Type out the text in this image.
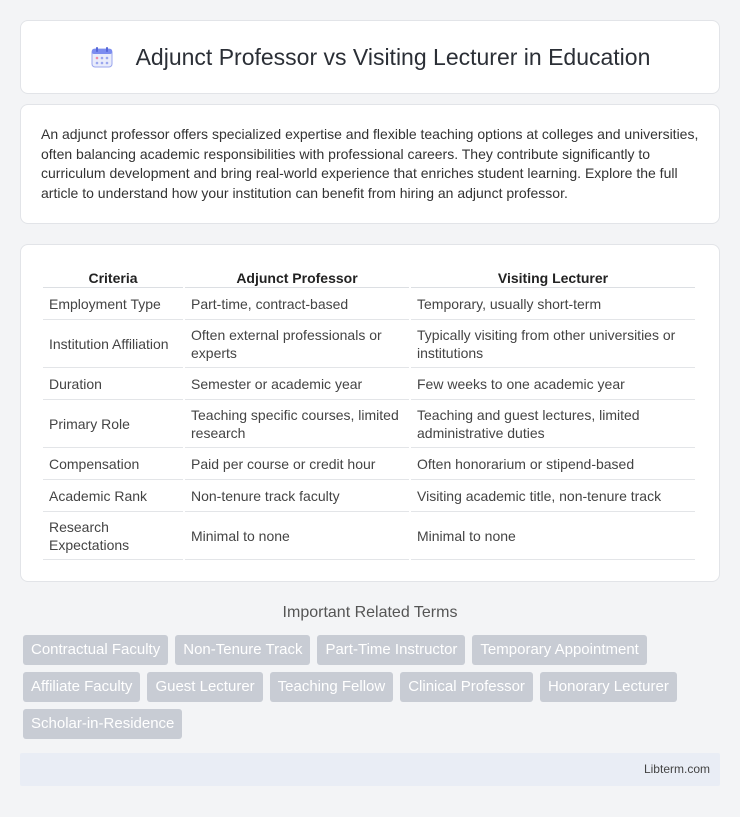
Adjunct Professor vs Visiting Lecturer in Education

An adjunct professor offers specialized expertise and flexible teaching options at colleges and universities, often balancing academic responsibilities with professional careers. They contribute significantly to curriculum development and bring real-world experience that enriches student learning. Explore the full article to understand how your institution can benefit from hiring an adjunct professor.

Criteria	Adjunct Professor	Visiting Lecturer
Employment Type	Part-time, contract-based	Temporary, usually short-term
Institution Affiliation	Often external professionals or experts	Typically visiting from other universities or institutions
Duration	Semester or academic year	Few weeks to one academic year
Primary Role	Teaching specific courses, limited research	Teaching and guest lectures, limited administrative duties
Compensation	Paid per course or credit hour	Often honorarium or stipend-based
Academic Rank	Non-tenure track faculty	Visiting academic title, non-tenure track
Research Expectations	Minimal to none	Minimal to none
Important Related Terms
Contractual Faculty	Non-Tenure Track	Part-Time Instructor	Temporary Appointment
Affiliate Faculty	Guest Lecturer	Teaching Fellow	Clinical Professor	Honorary Lecturer
Scholar-in-Residence
Libterm.com
